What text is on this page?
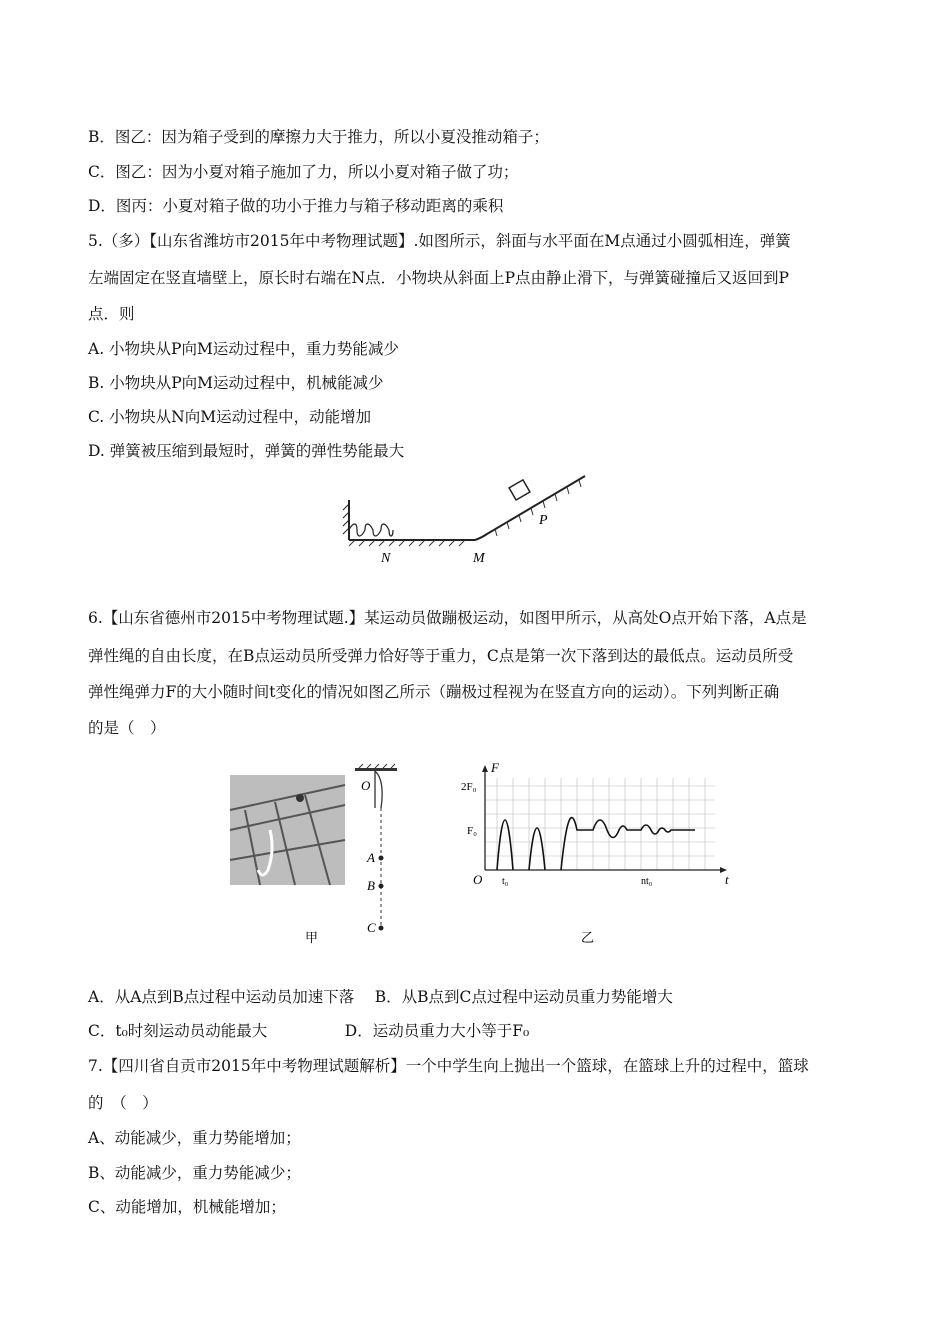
B．图乙：因为箱子受到的摩擦力大于推力，所以小夏没推动箱子；
C．图乙：因为小夏对箱子施加了力，所以小夏对箱子做了功；
D．图丙：小夏对箱子做的功小于推力与箱子移动距离的乘积
5.（多）【山东省潍坊市2015年中考物理试题】.如图所示，斜面与水平面在M点通过小圆弧相连，弹簧
左端固定在竖直墙壁上，原长时右端在N点．小物块从斜面上P点由静止滑下，与弹簧碰撞后又返回到P
点．则
A. 小物块从P向M运动过程中，重力势能减少
B. 小物块从P向M运动过程中，机械能减少
C. 小物块从N向M运动过程中，动能增加
D. 弹簧被压缩到最短时，弹簧的弹性势能最大
N	M
P
6.【山东省德州市2015中考物理试题.】某运动员做蹦极运动，如图甲所示，从高处O点开始下落，A点是
弹性绳的自由长度，在B点运动员所受弹力恰好等于重力，C点是第一次下落到达的最低点。运动员所受
弹性绳弹力F的大小随时间t变化的情况如图乙所示（蹦极过程视为在竖直方向的运动）。下列判断正确
的是（　）
O
A
B
C
甲
F
t
O
2F₀
F₀
t₀	nt₀
乙
A．从A点到B点过程中运动员加速下落　 B．从B点到C点过程中运动员重力势能增大
C．t₀时刻运动员动能最大　　　　　D．运动员重力大小等于F₀
7.【四川省自贡市2015年中考物理试题解析】一个中学生向上抛出一个篮球，在篮球上升的过程中，篮球
的　（　）
A、动能减少，重力势能增加；
B、动能减少，重力势能减少；
C、动能增加，机械能增加；
